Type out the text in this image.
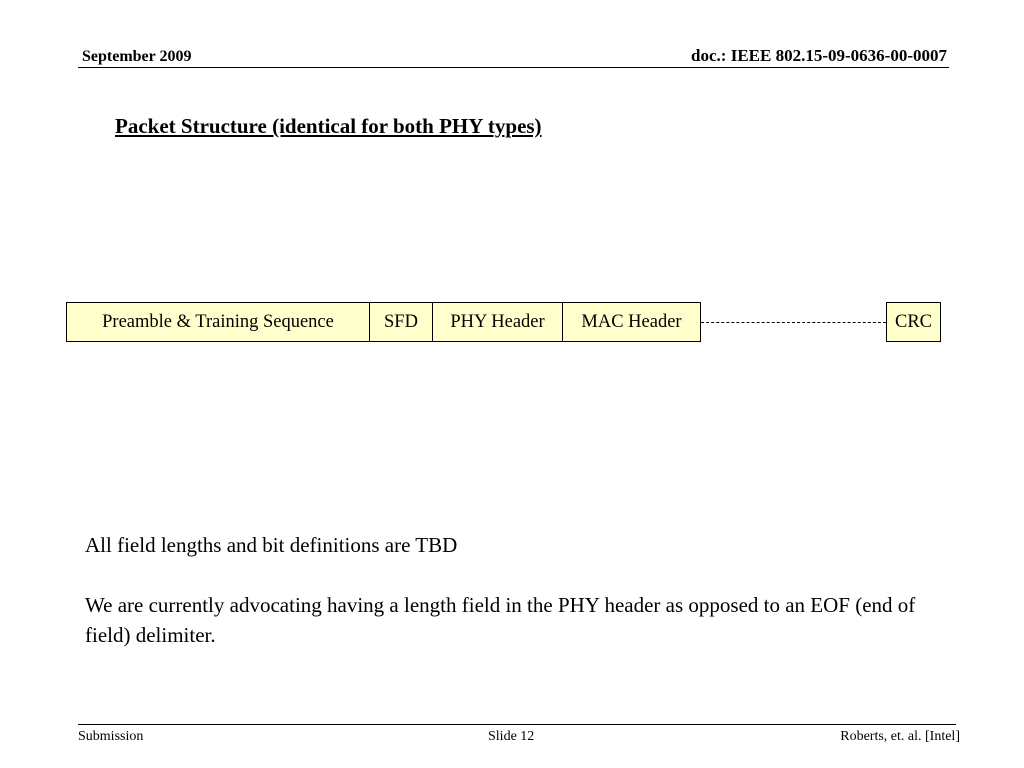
September 2009	doc.: IEEE 802.15-09-0636-00-0007
Packet Structure (identical for both PHY types)
Preamble & Training Sequence	SFD	PHY Header	MAC Header	CRC

All field lengths and bit definitions are TBD

We are currently advocating having a length field in the PHY header as opposed to an EOF (end of field) delimiter.

Submission	Slide 12	Roberts, et. al. [Intel]
